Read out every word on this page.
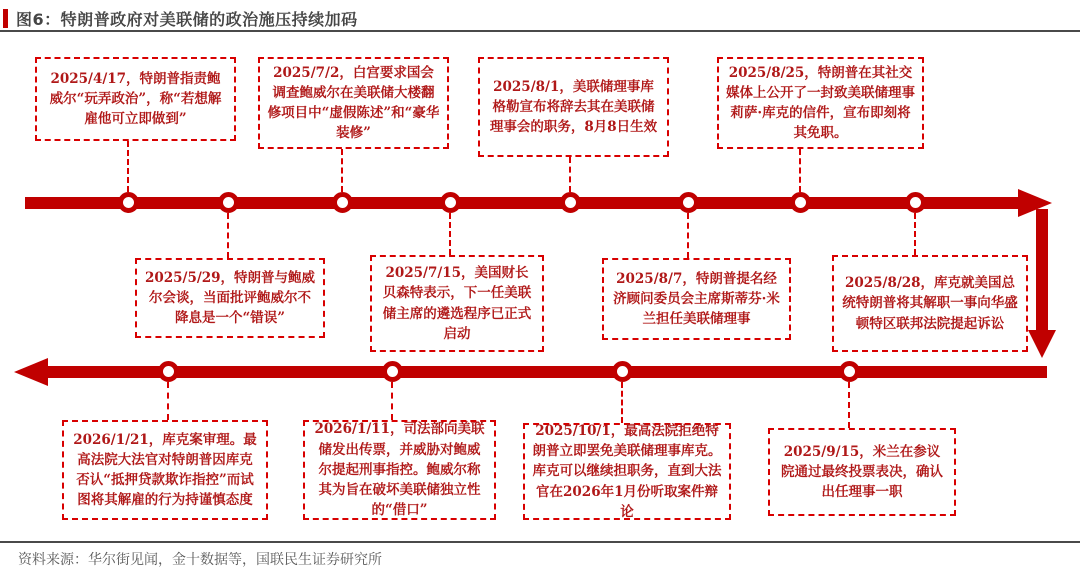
图6：特朗普政府对美联储的政治施压持续加码
2025/4/17，特朗普指责鲍威尔“玩弄政治”，称“若想解雇他可立即做到”
2025/5/29，特朗普与鲍威尔会谈，当面批评鲍威尔不降息是一个“错误”
2025/7/2，白宫要求国会调查鲍威尔在美联储大楼翻修项目中“虚假陈述”和“豪华装修”
2025/7/15，美国财长贝森特表示，下一任美联储主席的遴选程序已正式启动
2025/8/1，美联储理事库格勒宣布将辞去其在美联储理事会的职务，8月8日生效
2025/8/7，特朗普提名经济顾问委员会主席斯蒂芬·米兰担任美联储理事
2025/8/25，特朗普在其社交媒体上公开了一封致美联储理事莉萨·库克的信件，宣布即刻将其免职。
2025/8/28，库克就美国总统特朗普将其解职一事向华盛顿特区联邦法院提起诉讼
2025/9/15，米兰在参议院通过最终投票表决，确认出任理事一职
2025/10/1，最高法院拒绝特朗普立即罢免美联储理事库克。库克可以继续担职务，直到大法官在2026年1月份听取案件辩论
2026/1/11，司法部向美联储发出传票，并威胁对鲍威尔提起刑事指控。鲍威尔称其为旨在破坏美联储独立性的“借口”
2026/1/21，库克案审理。最高法院大法官对特朗普因库克否认“抵押贷款欺诈指控”而试图将其解雇的行为持谨慎态度
资料来源：华尔街见闻，金十数据等，国联民生证券研究所
